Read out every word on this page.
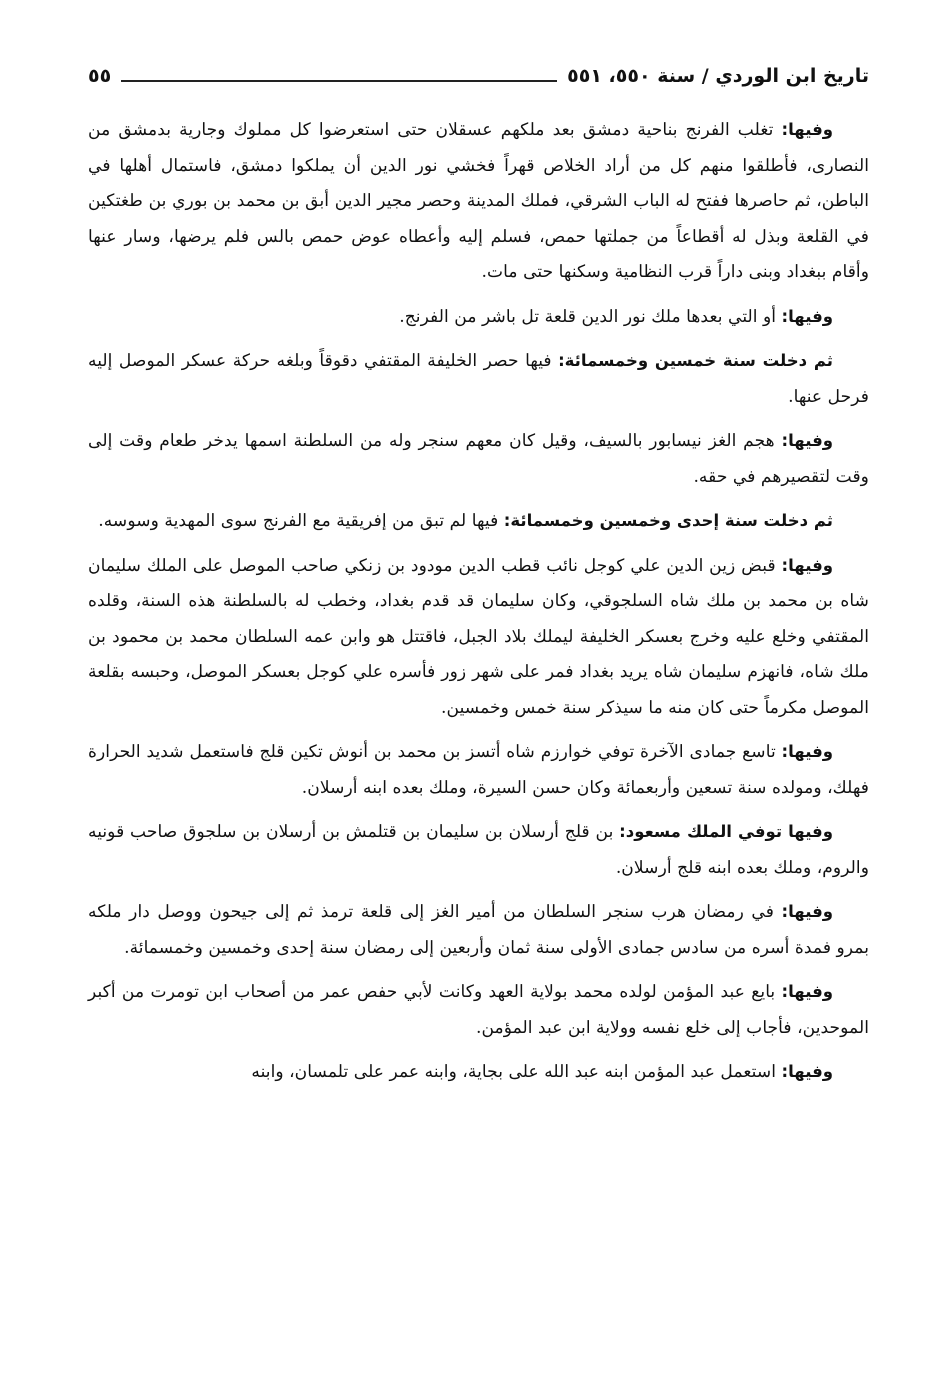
تاريخ ابن الوردي / سنة ٥٥٠، ٥٥١
٥٥

وفيها: تغلب الفرنج بناحية دمشق بعد ملكهم عسقلان حتى استعرضوا كل مملوك وجارية بدمشق من النصارى، فأطلقوا منهم كل من أراد الخلاص قهراً فخشي نور الدين أن يملكوا دمشق، فاستمال أهلها في الباطن، ثم حاصرها ففتح له الباب الشرقي، فملك المدينة وحصر مجير الدين أبق بن محمد بن بوري بن طغتكين في القلعة وبذل له أقطاعاً من جملتها حمص، فسلم إليه وأعطاه عوض حمص بالس فلم يرضها، وسار عنها وأقام ببغداد وبنى داراً قرب النظامية وسكنها حتى مات.

وفيها: أو التي بعدها ملك نور الدين قلعة تل باشر من الفرنج.

ثم دخلت سنة خمسين وخمسمائة: فيها حصر الخليفة المقتفي دقوقاً وبلغه حركة عسكر الموصل إليه فرحل عنها.

وفيها: هجم الغز نيسابور بالسيف، وقيل كان معهم سنجر وله من السلطنة اسمها يدخر طعام وقت إلى وقت لتقصيرهم في حقه.

ثم دخلت سنة إحدى وخمسين وخمسمائة: فيها لم تبق من إفريقية مع الفرنج سوى المهدية وسوسه.

وفيها: قبض زين الدين علي كوجل نائب قطب الدين مودود بن زنكي صاحب الموصل على الملك سليمان شاه بن محمد بن ملك شاه السلجوقي، وكان سليمان قد قدم بغداد، وخطب له بالسلطنة هذه السنة، وقلده المقتفي وخلع عليه وخرج بعسكر الخليفة ليملك بلاد الجبل، فاقتتل هو وابن عمه السلطان محمد بن محمود بن ملك شاه، فانهزم سليمان شاه يريد بغداد فمر على شهر زور فأسره علي كوجل بعسكر الموصل، وحبسه بقلعة الموصل مكرماً حتى كان منه ما سيذكر سنة خمس وخمسين.

وفيها: تاسع جمادى الآخرة توفي خوارزم شاه أتسز بن محمد بن أنوش تكين قلج فاستعمل شديد الحرارة فهلك، ومولده سنة تسعين وأربعمائة وكان حسن السيرة، وملك بعده ابنه أرسلان.

وفيها توفي الملك مسعود: بن قلج أرسلان بن سليمان بن قتلمش بن أرسلان بن سلجوق صاحب قونيه والروم، وملك بعده ابنه قلج أرسلان.

وفيها: في رمضان هرب سنجر السلطان من أمير الغز إلى قلعة ترمذ ثم إلى جيحون ووصل دار ملكه بمرو فمدة أسره من سادس جمادى الأولى سنة ثمان وأربعين إلى رمضان سنة إحدى وخمسين وخمسمائة.

وفيها: بايع عبد المؤمن لولده محمد بولاية العهد وكانت لأبي حفص عمر من أصحاب ابن تومرت من أكبر الموحدين، فأجاب إلى خلع نفسه وولاية ابن عبد المؤمن.

وفيها: استعمل عبد المؤمن ابنه عبد الله على بجاية، وابنه عمر على تلمسان، وابنه
